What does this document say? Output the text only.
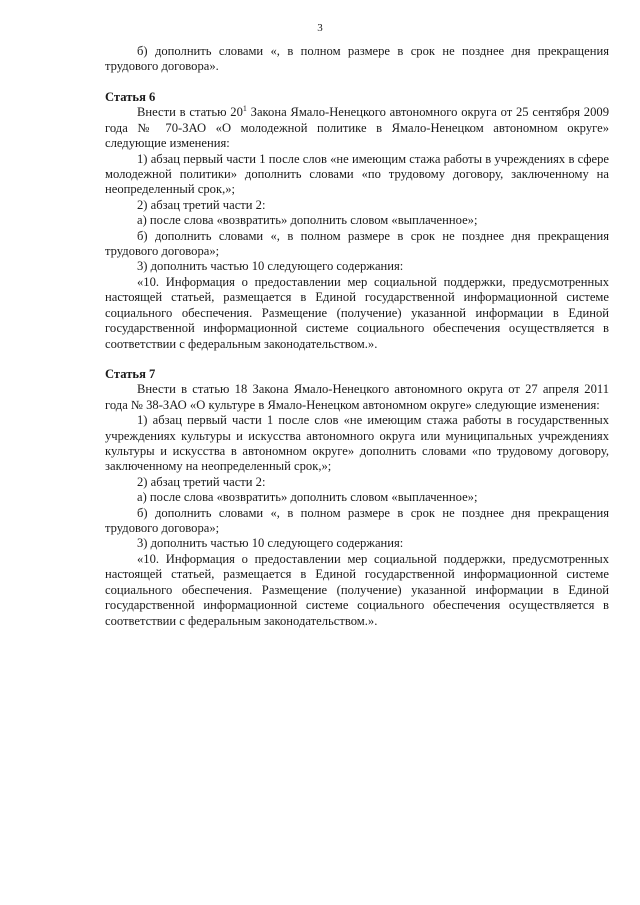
3

б) дополнить словами «, в полном размере в срок не позднее дня прекращения трудового договора».

Статья 6

Внести в статью $20^1$ Закона Ямало-Ненецкого автономного округа от 25 сентября 2009 года № 70-ЗАО «О молодежной политике в Ямало-Ненецком автономном округе» следующие изменения:

1) абзац первый части 1 после слов «не имеющим стажа работы в учреждениях в сфере молодежной политики» дополнить словами «по трудовому договору, заключенному на неопределенный срок,»;

2) абзац третий части 2:

а) после слова «возвратить» дополнить словом «выплаченное»;

б) дополнить словами «, в полном размере в срок не позднее дня прекращения трудового договора»;

3) дополнить частью 10 следующего содержания:

«10. Информация о предоставлении мер социальной поддержки, предусмотренных настоящей статьей, размещается в Единой государственной информационной системе социального обеспечения. Размещение (получение) указанной информации в Единой государственной информационной системе социального обеспечения осуществляется в соответствии с федеральным законодательством.».

Статья 7

Внести в статью 18 Закона Ямало-Ненецкого автономного округа от 27 апреля 2011 года № 38-ЗАО «О культуре в Ямало-Ненецком автономном округе» следующие изменения:

1) абзац первый части 1 после слов «не имеющим стажа работы в государственных учреждениях культуры и искусства автономного округа или муниципальных учреждениях культуры и искусства в автономном округе» дополнить словами «по трудовому договору, заключенному на неопределенный срок,»;

2) абзац третий части 2:

а) после слова «возвратить» дополнить словом «выплаченное»;

б) дополнить словами «, в полном размере в срок не позднее дня прекращения трудового договора»;

3) дополнить частью 10 следующего содержания:

«10. Информация о предоставлении мер социальной поддержки, предусмотренных настоящей статьей, размещается в Единой государственной информационной системе социального обеспечения. Размещение (получение) указанной информации в Единой государственной информационной системе социального обеспечения осуществляется в соответствии с федеральным законодательством.».
